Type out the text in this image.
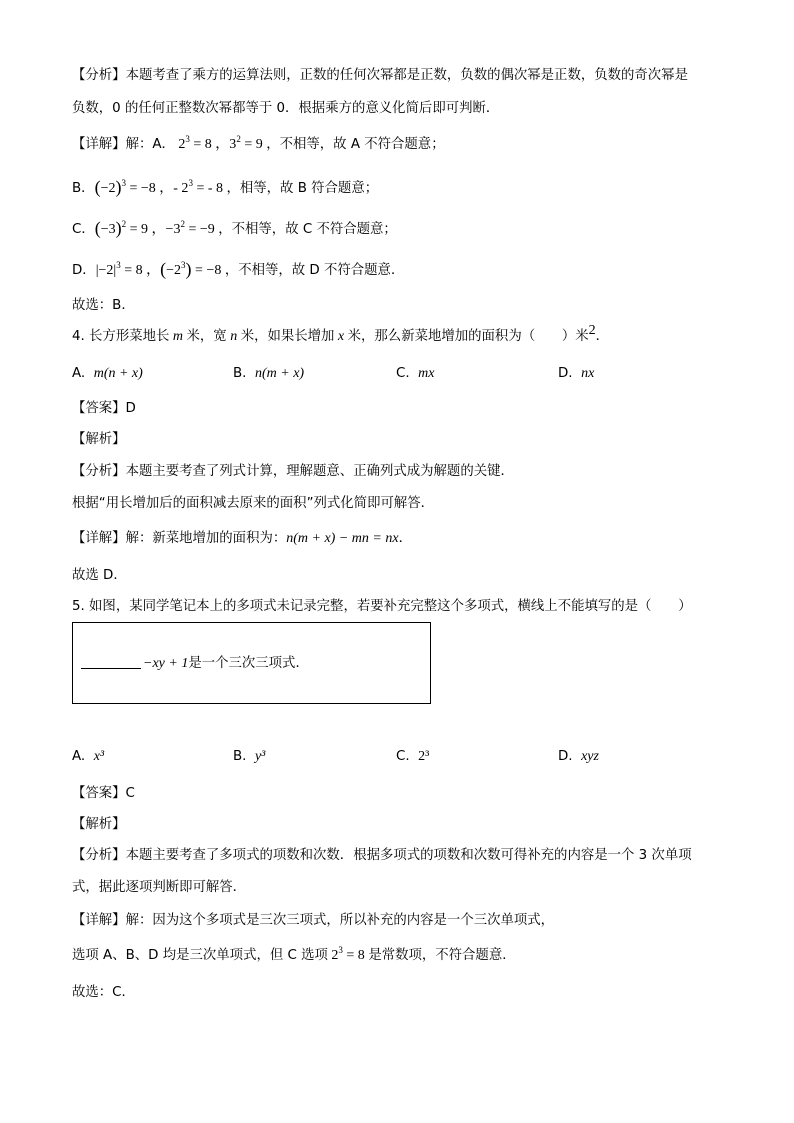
【分析】本题考查了乘方的运算法则，正数的任何次幂都是正数，负数的偶次幂是正数，负数的奇次幂是
负数，0 的任何正整数次幂都等于 0．根据乘方的意义化简后即可判断．
【详解】解：A． $2^3 = 8$ ，$3^2 = 9$ ，不相等，故 A 不符合题意；
B．$(-2)^3 = -8$ ，- $2^3$ = - 8 ，相等，故 B 符合题意；
C．$(-3)^2 = 9$ ，$-3^2 = -9$ ，不相等，故 C 不符合题意；
D．$|-2|^3 = 8$ ，$(-2^3) = -8$ ，不相等，故 D 不符合题意．
故选：B．
4. 长方形菜地长 m 米，宽 n 米，如果长增加 x 米，那么新菜地增加的面积为（　　）米$^2$．
A. m(n + x)	B. n(m + x)	C. mx	D. nx
【答案】D
【解析】
【分析】本题主要考查了列式计算，理解题意、正确列式成为解题的关键．
根据“用长增加后的面积减去原来的面积”列式化简即可解答．
【详解】解：新菜地增加的面积为：n(m + x) − mn = nx．
故选 D．
5. 如图，某同学笔记本上的多项式未记录完整，若要补充完整这个多项式，横线上不能填写的是（　　）
−xy + 1是一个三次三项式．
A. x³	B. y³	C. 2³	D. xyz
【答案】C
【解析】
【分析】本题主要考查了多项式的项数和次数．根据多项式的项数和次数可得补充的内容是一个 3 次单项
式，据此逐项判断即可解答．
【详解】解：因为这个多项式是三次三项式，所以补充的内容是一个三次单项式，
选项 A、B、D 均是三次单项式，但 C 选项 $2^3 = 8$ 是常数项，不符合题意．
故选：C．
